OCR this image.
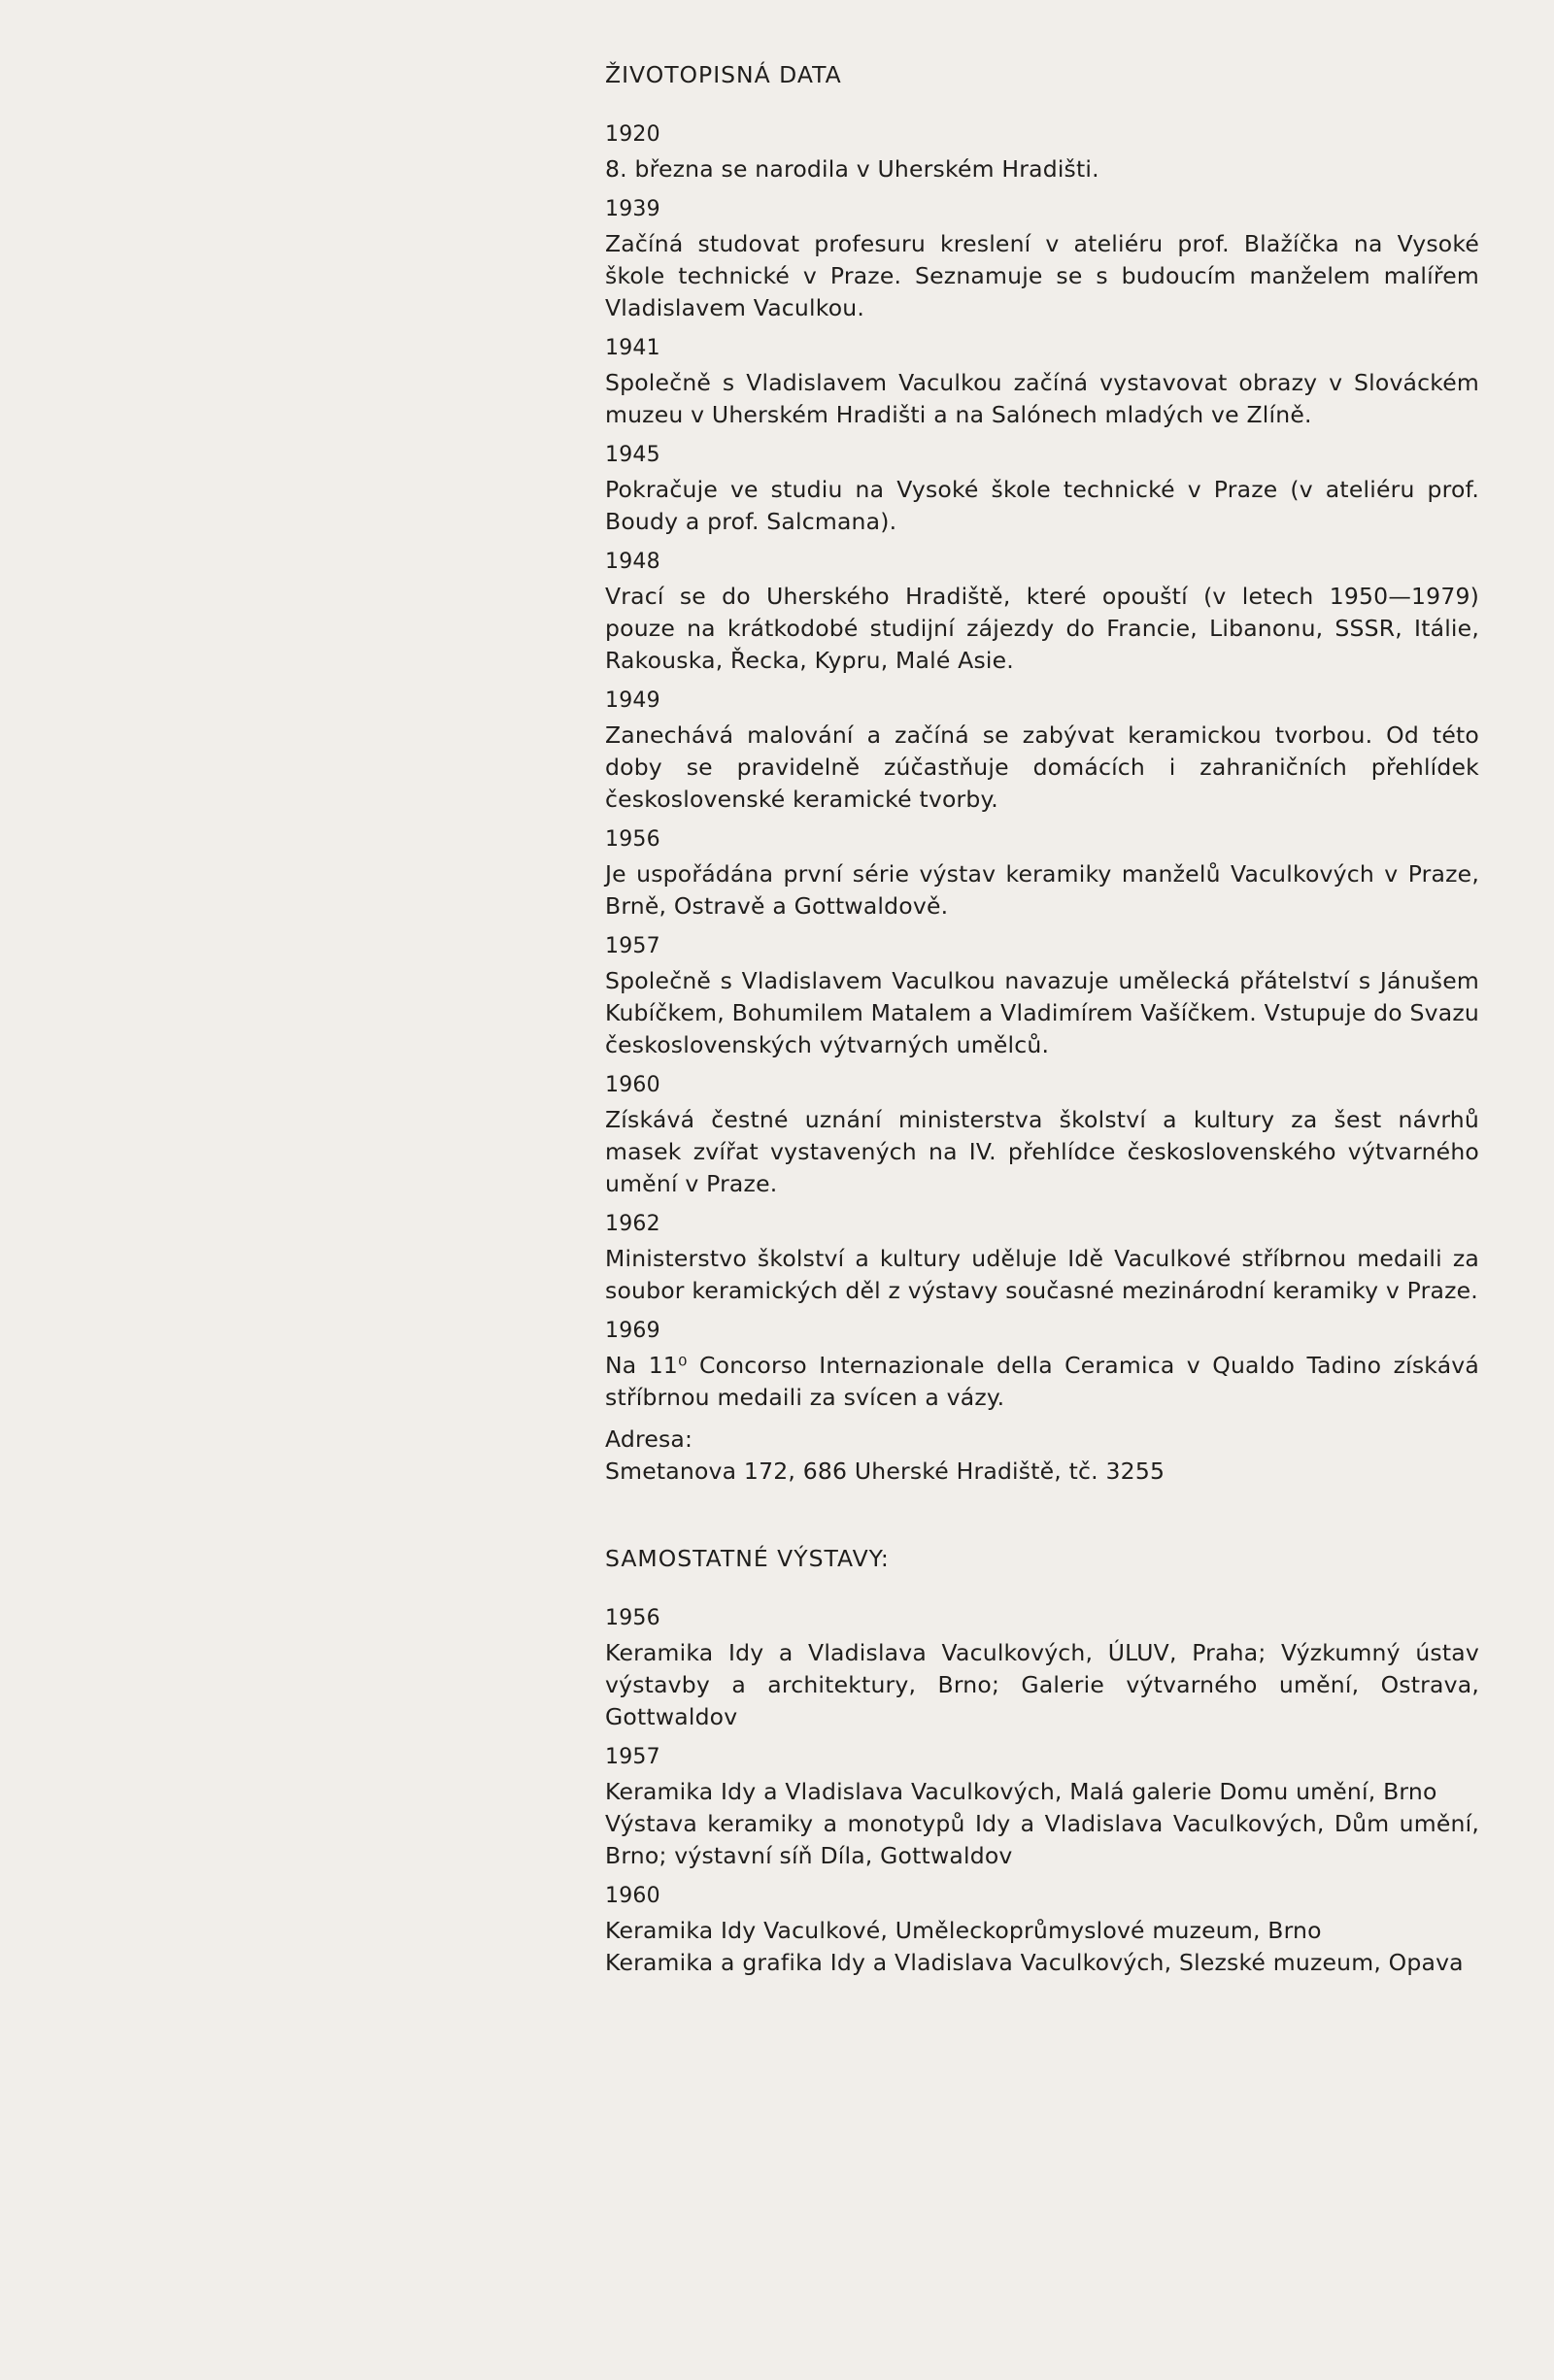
ŽIVOTOPISNÁ DATA
1920

8. března se narodila v Uherském Hradišti.

1939

Začíná studovat profesuru kreslení v ateliéru prof. Blažíčka na Vysoké škole technické v Praze. Seznamuje se s budoucím manželem malířem Vladislavem Vaculkou.

1941

Společně s Vladislavem Vaculkou začíná vystavovat obrazy v Slováckém muzeu v Uherském Hradišti a na Salónech mladých ve Zlíně.

1945

Pokračuje ve studiu na Vysoké škole technické v Praze (v ateliéru prof. Boudy a prof. Salcmana).

1948

Vrací se do Uherského Hradiště, které opouští (v letech 1950—1979) pouze na krátkodobé studijní zájezdy do Francie, Libanonu, SSSR, Itálie, Rakouska, Řecka, Kypru, Malé Asie.

1949

Zanechává malování a začíná se zabývat keramickou tvorbou. Od této doby se pravidelně zúčastňuje domácích i zahraničních přehlídek československé keramické tvorby.

1956

Je uspořádána první série výstav keramiky manželů Vaculkových v Praze, Brně, Ostravě a Gottwaldově.

1957

Společně s Vladislavem Vaculkou navazuje umělecká přátelství s Jánušem Kubíčkem, Bohumilem Matalem a Vladimírem Vašíčkem. Vstupuje do Svazu československých výtvarných umělců.

1960

Získává čestné uznání ministerstva školství a kultury za šest návrhů masek zvířat vystavených na IV. přehlídce československého výtvarného umění v Praze.

1962

Ministerstvo školství a kultury uděluje Idě Vaculkové stříbrnou medaili za soubor keramických děl z výstavy současné mezinárodní keramiky v Praze.

1969

Na 11⁰ Concorso Internazionale della Ceramica v Qualdo Tadino získává stříbrnou medaili za svícen a vázy.

Adresa:
Smetanova 172, 686 Uherské Hradiště, tč. 3255
SAMOSTATNÉ VÝSTAVY:
1956

Keramika Idy a Vladislava Vaculkových, ÚLUV, Praha; Výzkumný ústav výstavby a architektury, Brno; Galerie výtvarného umění, Ostrava, Gottwaldov

1957

Keramika Idy a Vladislava Vaculkových, Malá galerie Domu umění, Brno

Výstava keramiky a monotypů Idy a Vladislava Vaculkových, Dům umění, Brno; výstavní síň Díla, Gottwaldov

1960

Keramika Idy Vaculkové, Uměleckoprůmyslové muzeum, Brno

Keramika a grafika Idy a Vladislava Vaculkových, Slezské muzeum, Opava
